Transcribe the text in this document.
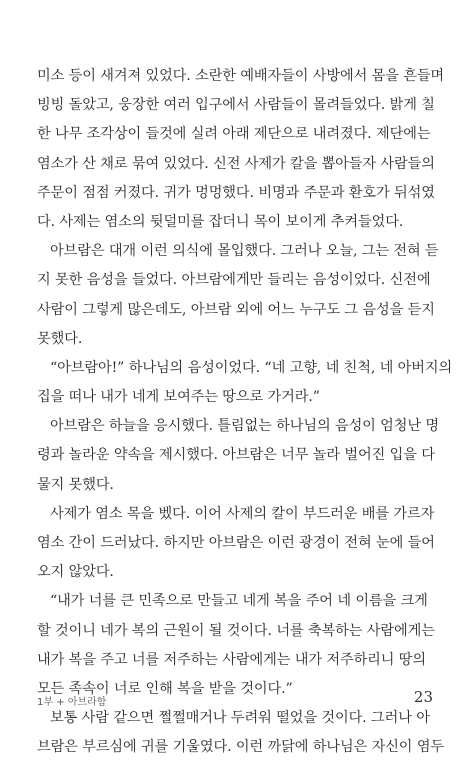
미소 등이 새겨져 있었다. 소란한 예배자들이 사방에서 몸을 흔들며
빙빙 돌았고, 웅장한 여러 입구에서 사람들이 몰려들었다. 밝게 칠
한 나무 조각상이 들것에 실려 아래 제단으로 내려졌다. 제단에는
염소가 산 채로 묶여 있었다. 신전 사제가 칼을 뽑아들자 사람들의
주문이 점점 커졌다. 귀가 멍멍했다. 비명과 주문과 환호가 뒤섞였
다. 사제는 염소의 뒷덜미를 잡더니 목이 보이게 추켜들었다.
아브람은 대개 이런 의식에 몰입했다. 그러나 오늘, 그는 전혀 듣
지 못한 음성을 들었다. 아브람에게만 들리는 음성이었다. 신전에
사람이 그렇게 많은데도, 아브람 외에 어느 누구도 그 음성을 듣지
못했다.
“아브람아!” 하나님의 음성이었다. “네 고향, 네 친척, 네 아버지의
집을 떠나 내가 네게 보여주는 땅으로 가거라.”
아브람은 하늘을 응시했다. 틀림없는 하나님의 음성이 엄청난 명
령과 놀라운 약속을 제시했다. 아브람은 너무 놀라 벌어진 입을 다
물지 못했다.
사제가 염소 목을 벴다. 이어 사제의 칼이 부드러운 배를 가르자
염소 간이 드러났다. 하지만 아브람은 이런 광경이 전혀 눈에 들어
오지 않았다.
“내가 너를 큰 민족으로 만들고 네게 복을 주어 네 이름을 크게
할 것이니 네가 복의 근원이 될 것이다. 너를 축복하는 사람에게는
내가 복을 주고 너를 저주하는 사람에게는 내가 저주하리니 땅의
모든 족속이 너로 인해 복을 받을 것이다.”
보통 사람 같으면 쩔쩔매거나 두려워 떨었을 것이다. 그러나 아
브람은 부르심에 귀를 기울였다. 이런 까닭에 하나님은 자신이 염두
1부 + 아브라함	23
